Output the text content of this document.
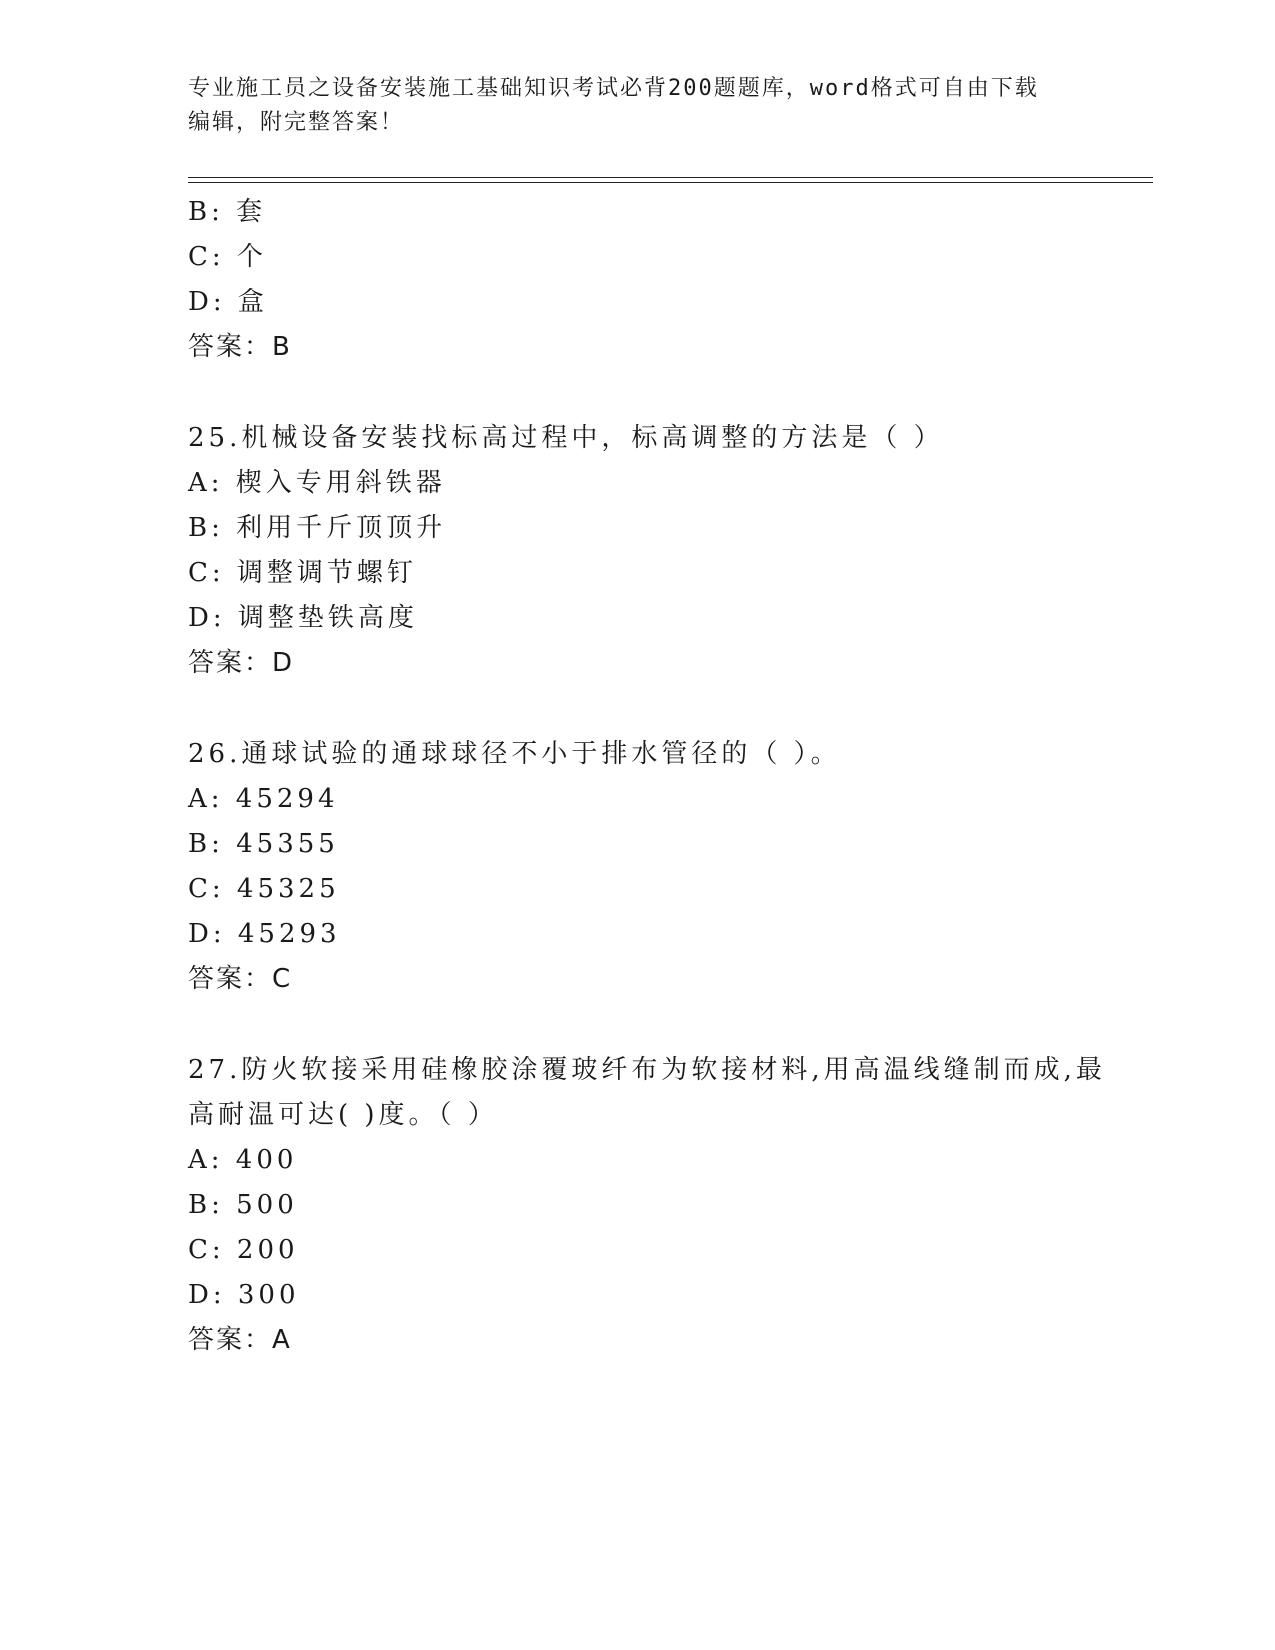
专业施工员之设备安装施工基础知识考试必背200题题库，word格式可自由下载
编辑，附完整答案！
B: 套
C: 个
D: 盒
答案：B
25.机械设备安装找标高过程中，标高调整的方法是（ ）
A: 楔入专用斜铁器
B: 利用千斤顶顶升
C: 调整调节螺钉
D: 调整垫铁高度
答案：D
26.通球试验的通球球径不小于排水管径的（ ）。
A: 45294
B: 45355
C: 45325
D: 45293
答案：C
27.防火软接采用硅橡胶涂覆玻纤布为软接材料,用高温线缝制而成,最
高耐温可达( )度。（ ）
A: 400
B: 500
C: 200
D: 300
答案：A
